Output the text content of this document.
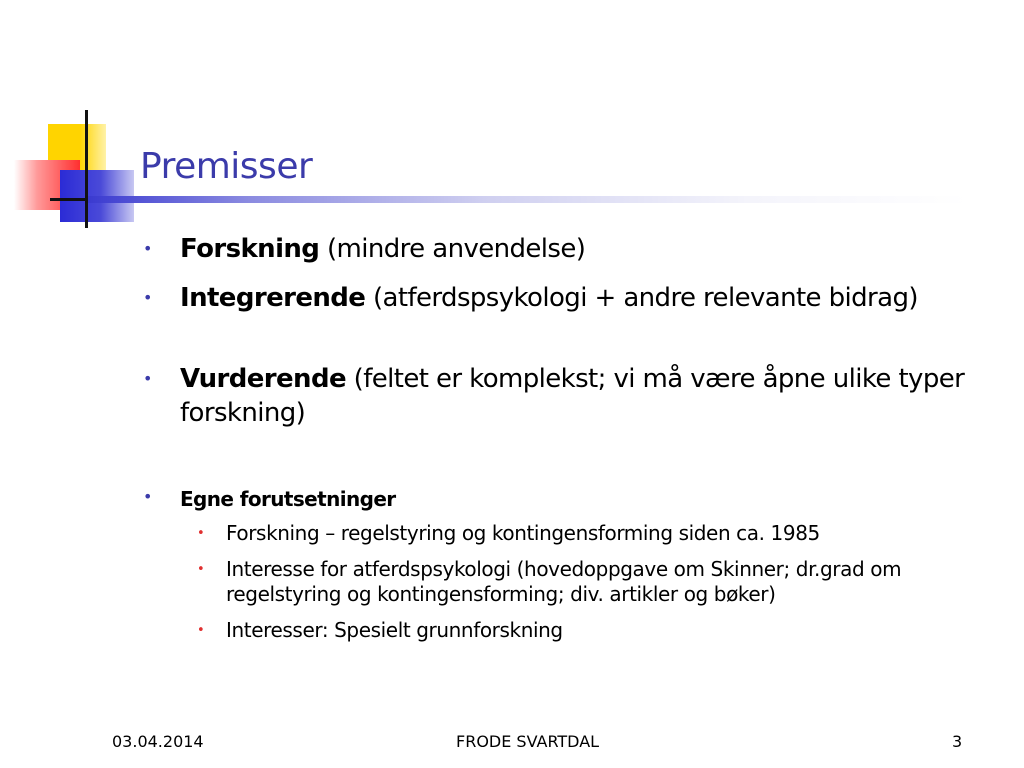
Premisser
• Forskning (mindre anvendelse)
• Integrerende (atferdspsykologi + andre relevante bidrag)
• Vurderende (feltet er komplekst; vi må være åpne ulike typer forskning)
• Egne forutsetninger
• Forskning – regelstyring og kontingensforming siden ca. 1985
• Interesse for atferdspsykologi (hovedoppgave om Skinner; dr.grad om regelstyring og kontingensforming; div. artikler og bøker)
• Interesser: Spesielt grunnforskning
03.04.2014	FRODE SVARTDAL	3
